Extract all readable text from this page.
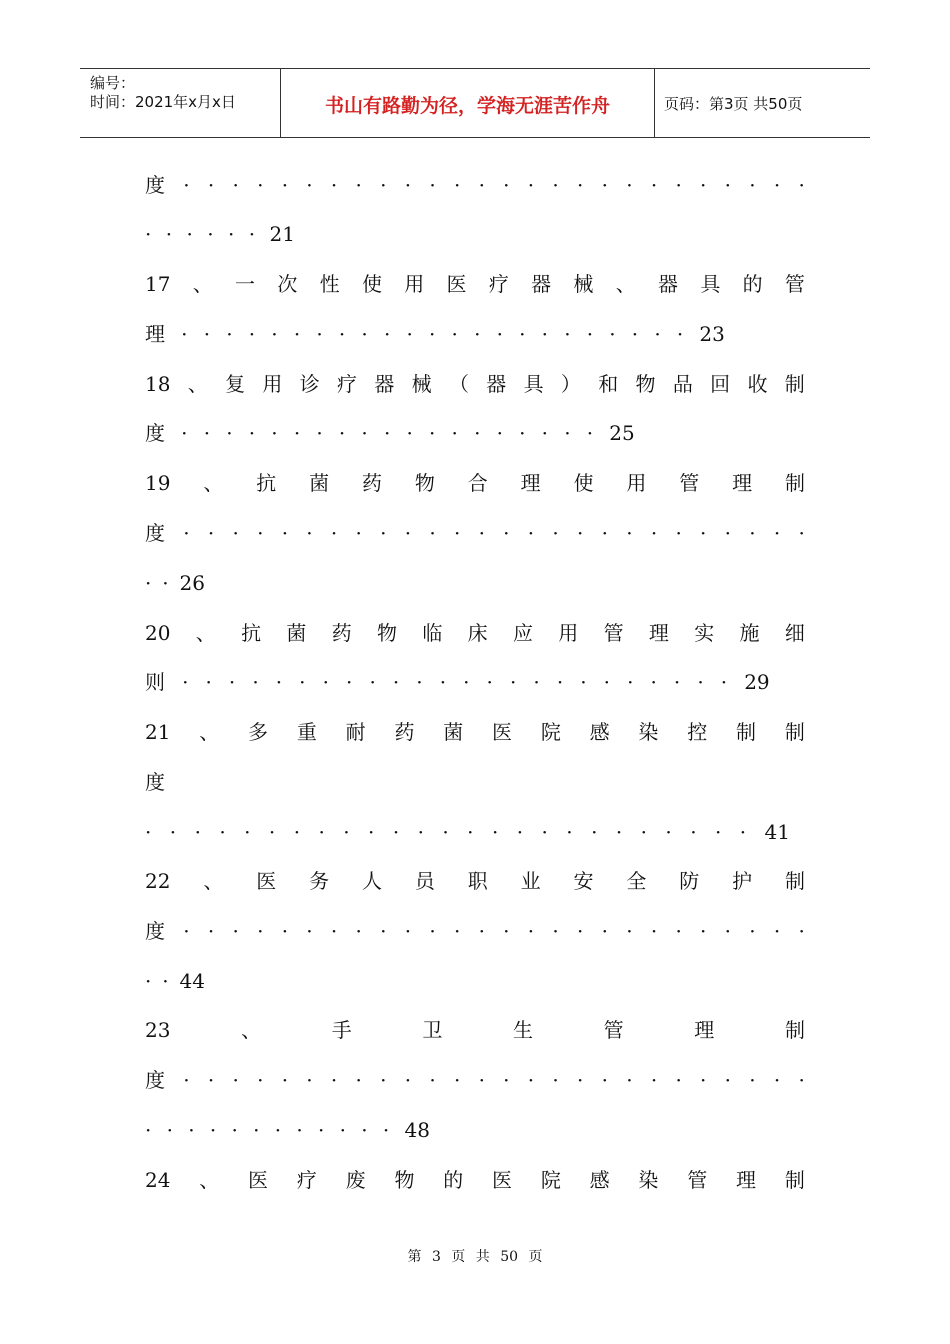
编号：
时间：2021年x月x日	书山有路勤为径，学海无涯苦作舟	页码：第3页 共50页
度 · · · · · · · · · · · · · · · · · · · · · · · · · ·
· · · · · · 21
17 、 一 次 性 使 用 医 疗 器 械 、 器 具 的 管
理 · · · · · · · · · · · · · · · · · · · · · · · 23
18 、 复 用 诊 疗 器 械 （ 器 具 ） 和 物 品 回 收 制
度 · · · · · · · · · · · · · · · · · · · 25
19 、 抗 菌 药 物 合 理 使 用 管 理 制
度 · · · · · · · · · · · · · · · · · · · · · · · · · ·
· · 26
20 、 抗 菌 药 物 临 床 应 用 管 理 实 施 细
则 · · · · · · · · · · · · · · · · · · · · · · · · 29
21 、 多 重 耐 药 菌 医 院 感 染 控 制 制
度
· · · · · · · · · · · · · · · · · · · · · · · · · 41
22 、 医 务 人 员 职 业 安 全 防 护 制
度 · · · · · · · · · · · · · · · · · · · · · · · · · ·
· · 44
23	、	手	卫	生	管	理	制
度 · · · · · · · · · · · · · · · · · · · · · · · · · ·
· · · · · · · · · · · · 48
24 、 医 疗 废 物 的 医 院 感 染 管 理 制
第 3 页 共 50 页
